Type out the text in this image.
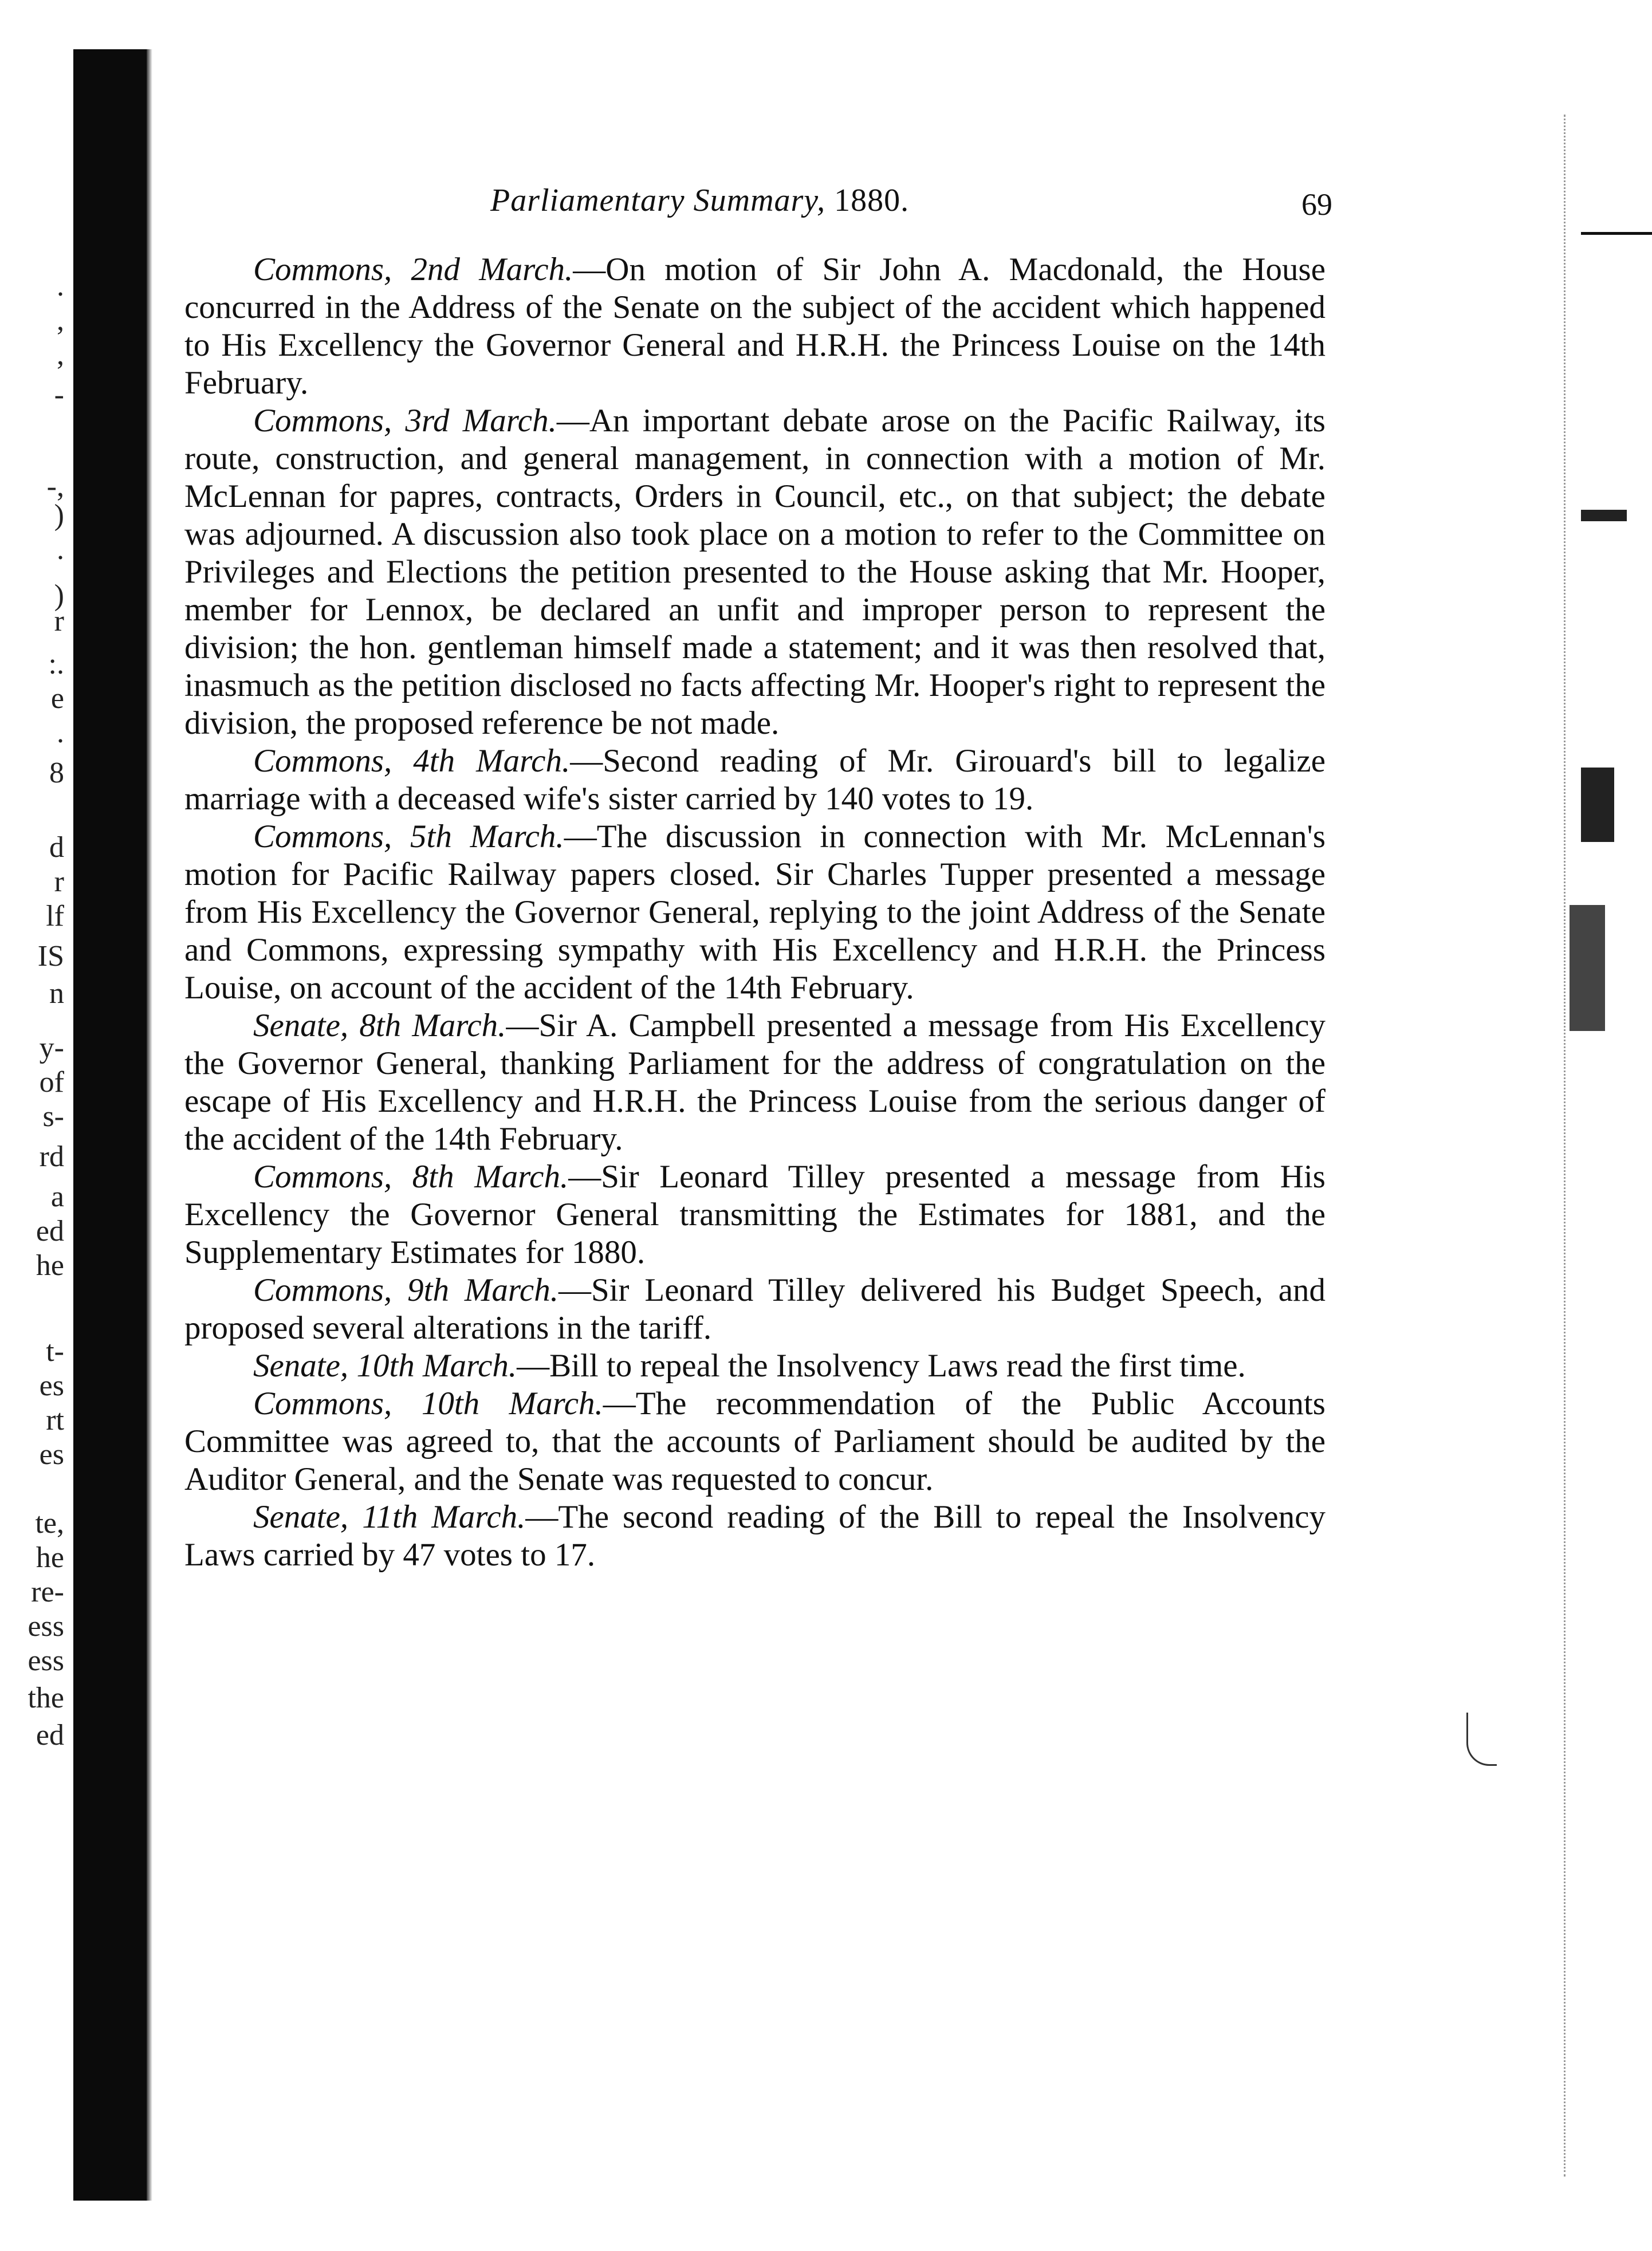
.
,
,
-
-,
)
.
)
r
:.
e
.
8
d
r
lf
IS
n
y-
of
s-
rd
a
ed
he
t-
es
rt
es
te,
he
re-
ess
ess
the
ed
Parliamentary Summary, 1880.	69

Commons, 2nd March.—On motion of Sir John A. Macdonald, the House concurred in the Address of the Senate on the subject of the accident which happened to His Excellency the Governor General and H.R.H. the Princess Louise on the 14th February.

Commons, 3rd March.—An important debate arose on the Pacific Railway, its route, construction, and general management, in connection with a motion of Mr. McLennan for papres, contracts, Orders in Council, etc., on that subject; the debate was adjourned. A discussion also took place on a motion to refer to the Committee on Privileges and Elections the petition presented to the House asking that Mr. Hooper, member for Lennox, be declared an unfit and improper person to represent the division; the hon. gentleman himself made a statement; and it was then resolved that, inasmuch as the petition disclosed no facts affecting Mr. Hooper's right to represent the division, the proposed reference be not made.

Commons, 4th March.—Second reading of Mr. Girouard's bill to legalize marriage with a deceased wife's sister carried by 140 votes to 19.

Commons, 5th March.—The discussion in connection with Mr. McLennan's motion for Pacific Railway papers closed. Sir Charles Tupper presented a message from His Excellency the Governor General, replying to the joint Address of the Senate and Commons, expressing sympathy with His Excellency and H.R.H. the Princess Louise, on account of the accident of the 14th February.

Senate, 8th March.—Sir A. Campbell presented a message from His Excellency the Governor General, thanking Parliament for the address of congratulation on the escape of His Excellency and H.R.H. the Princess Louise from the serious danger of the accident of the 14th February.

Commons, 8th March.—Sir Leonard Tilley presented a message from His Excellency the Governor General transmitting the Estimates for 1881, and the Supplementary Estimates for 1880.

Commons, 9th March.—Sir Leonard Tilley delivered his Budget Speech, and proposed several alterations in the tariff.

Senate, 10th March.—Bill to repeal the Insolvency Laws read the first time.

Commons, 10th March.—The recommendation of the Public Accounts Committee was agreed to, that the accounts of Parliament should be audited by the Auditor General, and the Senate was requested to concur.

Senate, 11th March.—The second reading of the Bill to repeal the Insolvency Laws carried by 47 votes to 17.
